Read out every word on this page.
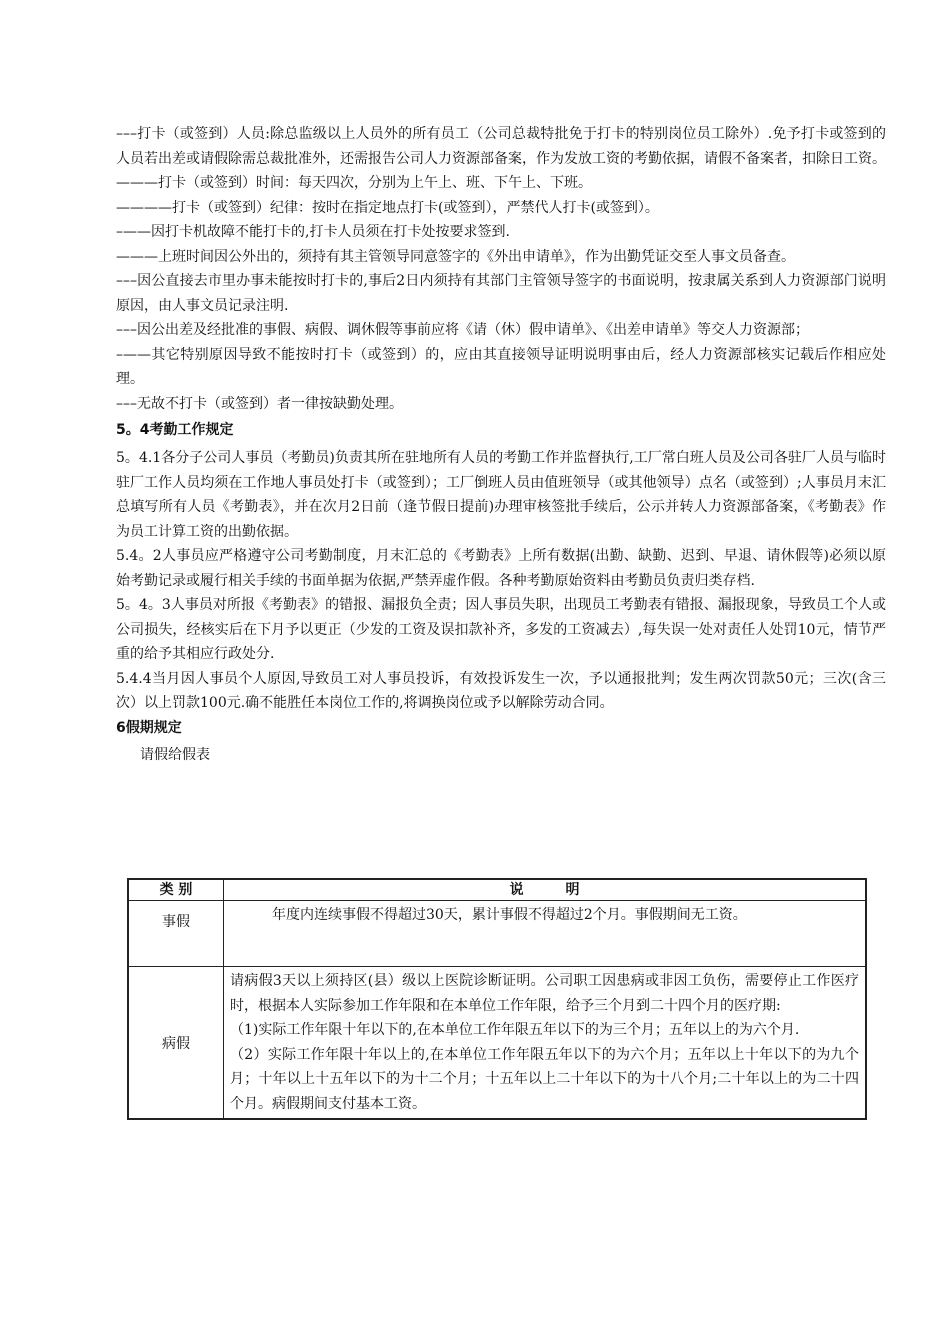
–––打卡（或签到）人员:除总监级以上人员外的所有员工（公司总裁特批免于打卡的特别岗位员工除外）.免予打卡或签到的人员若出差或请假除需总裁批准外，还需报告公司人力资源部备案，作为发放工资的考勤依据，请假不备案者，扣除日工资。

———打卡（或签到）时间：每天四次，分别为上午上、班、下午上、下班。

————打卡（或签到）纪律：按时在指定地点打卡(或签到），严禁代人打卡(或签到）。

–——因打卡机故障不能打卡的,打卡人员须在打卡处按要求签到.

———上班时间因公外出的，须持有其主管领导同意签字的《外出申请单》，作为出勤凭证交至人事文员备查。

–––因公直接去市里办事未能按时打卡的,事后2日内须持有其部门主管领导签字的书面说明，按隶属关系到人力资源部门说明原因，由人事文员记录注明.

–––因公出差及经批准的事假、病假、调休假等事前应将《请（休）假申请单》、《出差申请单》等交人力资源部；

–——其它特别原因导致不能按时打卡（或签到）的，应由其直接领导证明说明事由后，经人力资源部核实记载后作相应处理。

–––无故不打卡（或签到）者一律按缺勤处理。

5。4考勤工作规定

5。4.1各分子公司人事员（考勤员)负责其所在驻地所有人员的考勤工作并监督执行,工厂常白班人员及公司各驻厂人员与临时驻厂工作人员均须在工作地人事员处打卡（或签到）；工厂倒班人员由值班领导（或其他领导）点名（或签到）;人事员月末汇总填写所有人员《考勤表》，并在次月2日前（逢节假日提前)办理审核签批手续后，公示并转人力资源部备案，《考勤表》作为员工计算工资的出勤依据。

5.4。2人事员应严格遵守公司考勤制度，月末汇总的《考勤表》上所有数据(出勤、缺勤、迟到、早退、请休假等)必须以原始考勤记录或履行相关手续的书面单据为依据,严禁弄虚作假。各种考勤原始资料由考勤员负责归类存档.

5。4。3人事员对所报《考勤表》的错报、漏报负全责；因人事员失职，出现员工考勤表有错报、漏报现象，导致员工个人或公司损失，经核实后在下月予以更正（少发的工资及误扣款补齐，多发的工资减去）,每失误一处对责任人处罚10元，情节严重的给予其相应行政处分.

5.4.4当月因人事员个人原因,导致员工对人事员投诉，有效投诉发生一次，予以通报批判；发生两次罚款50元；三次(含三次）以上罚款100元.确不能胜任本岗位工作的,将调换岗位或予以解除劳动合同。

6假期规定
请假给假表
类 别	说　　　明
事假	年度内连续事假不得超过30天，累计事假不得超过2个月。事假期间无工资。

病假	请病假3天以上须持区(县）级以上医院诊断证明。公司职工因患病或非因工负伤，需要停止工作医疗时，根据本人实际参加工作年限和在本单位工作年限，给予三个月到二十四个月的医疗期:

（1)实际工作年限十年以下的,在本单位工作年限五年以下的为三个月；五年以上的为六个月.

（2）实际工作年限十年以上的,在本单位工作年限五年以下的为六个月；五年以上十年以下的为九个月；十年以上十五年以下的为十二个月；十五年以上二十年以下的为十八个月;二十年以上的为二十四个月。病假期间支付基本工资。
